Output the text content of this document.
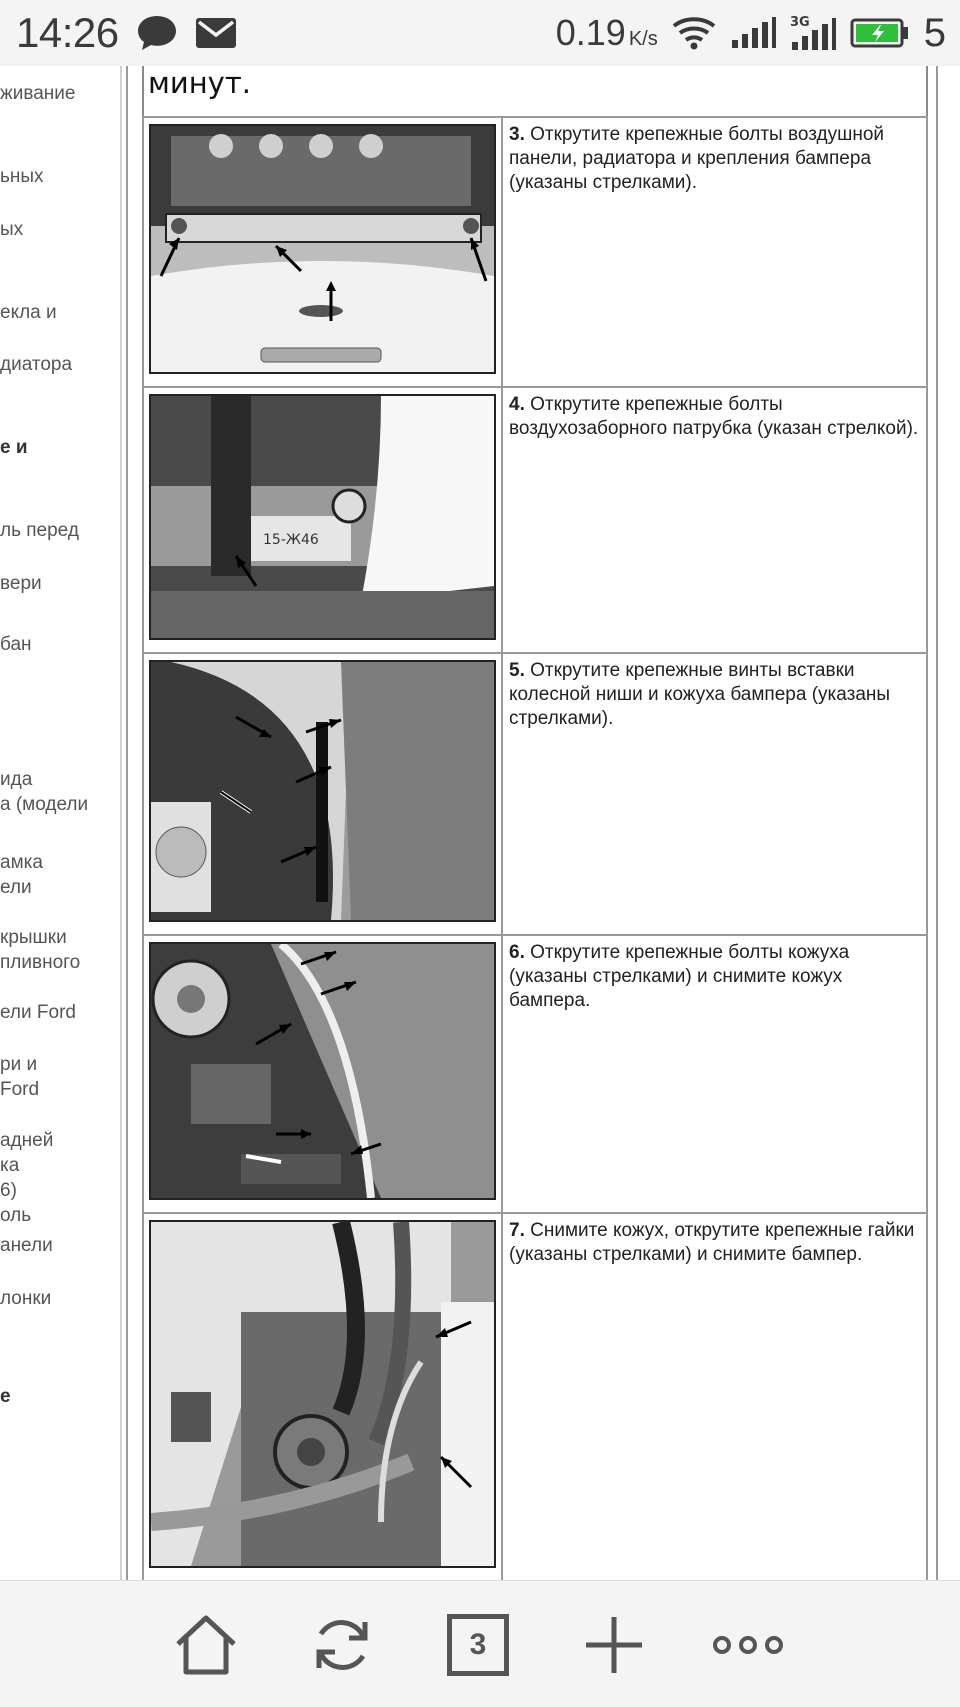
14:26	0.19 K/s
3G	5
живание
ьных
ых
екла и
диатора
е и
ль перед
вери
бан
ида
а (модели
амка
ели
крышки
пливного
ели Ford
ри и
Ford
адней
ка
6)
оль
анели
лонки
е
минут.
	3. Открутите крепежные болты воздушной панели, радиатора и крепления бампера (указаны стрелками).

15-Ж46	4. Открутите крепежные болты воздухозаборного патрубка (указан стрелкой).

	5. Открутите крепежные винты вставки колесной ниши и кожуха бампера (указаны стрелками).

	6. Открутите крепежные болты кожуха (указаны стрелками) и снимите кожух бампера.

	7. Снимите кожух, открутите крепежные гайки (указаны стрелками) и снимите бампер.
3
